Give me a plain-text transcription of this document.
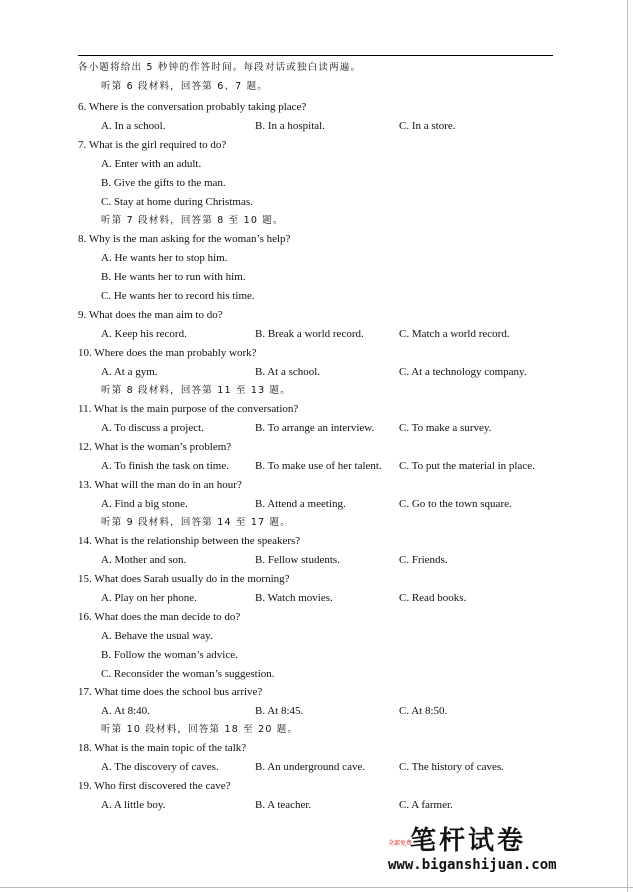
各小题将给出 5 秒钟的作答时间。每段对话或独白读两遍。
听第 6 段材料，回答第 6、7 题。
6. Where is the conversation probably taking place?
A. In a school.	B. In a hospital.	C. In a store.
7. What is the girl required to do?
A. Enter with an adult.
B. Give the gifts to the man.
C. Stay at home during Christmas.
听第 7 段材料，回答第 8 至 10 题。
8. Why is the man asking for the woman’s help?
A. He wants her to stop him.
B. He wants her to run with him.
C. He wants her to record his time.
9. What does the man aim to do?
A. Keep his record.	B. Break a world record.	C. Match a world record.
10. Where does the man probably work?
A. At a gym.	B. At a school.	C. At a technology company.
听第 8 段材料，回答第 11 至 13 题。
11. What is the main purpose of the conversation?
A. To discuss a project.	B. To arrange an interview. C. To make a survey.
12. What is the woman’s problem?
A. To finish the task on time. B. To make use of her talent. C. To put the material in place.
13. What will the man do in an hour?
A. Find a big stone.	B. Attend a meeting.	C. Go to the town square.
听第 9 段材料，回答第 14 至 17 题。
14. What is the relationship between the speakers?
A. Mother and son.	B. Fellow students.	C. Friends.
15. What does Sarah usually do in the morning?
A. Play on her phone.	B. Watch movies.	C. Read books.
16. What does the man decide to do?
A. Behave the usual way.
B. Follow the woman’s advice.
C. Reconsider the woman’s suggestion.
17. What time does the school bus arrive?
A. At 8:40.	B. At 8:45.	C. At 8:50.
听第 10 段材料，回答第 18 至 20 题。
18. What is the main topic of the talk?
A. The discovery of caves.	B. An underground cave.	C. The history of caves.
19. Who first discovered the cave?
A. A little boy.	B. A teacher.	C. A farmer.
全部免费
笔杆试卷
www.biganshijuan.com
